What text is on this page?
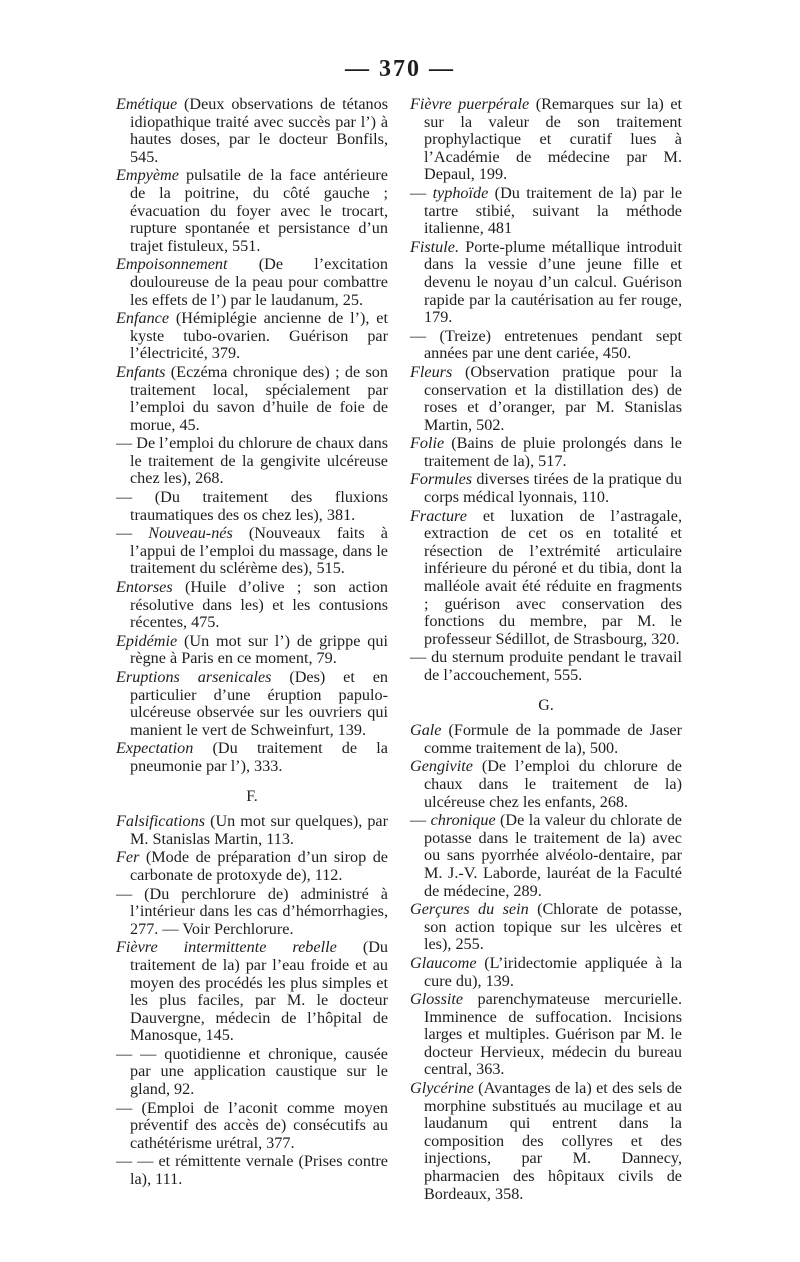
— 370 —

Emétique (Deux observations de tétanos idiopathique traité avec succès par l’) à hautes doses, par le docteur Bonfils, 545.

Empyème pulsatile de la face antérieure de la poitrine, du côté gauche ; évacuation du foyer avec le trocart, rupture spontanée et persistance d’un trajet fistuleux, 551.

Empoisonnement (De l’excitation douloureuse de la peau pour combattre les effets de l’) par le laudanum, 25.

Enfance (Hémiplégie ancienne de l’), et kyste tubo-ovarien. Guérison par l’électricité, 379.

Enfants (Eczéma chronique des) ; de son traitement local, spécialement par l’emploi du savon d’huile de foie de morue, 45.

— De l’emploi du chlorure de chaux dans le traitement de la gengivite ulcéreuse chez les), 268.

— (Du traitement des fluxions traumatiques des os chez les), 381.

— Nouveau-nés (Nouveaux faits à l’appui de l’emploi du massage, dans le traitement du sclérème des), 515.

Entorses (Huile d’olive ; son action résolutive dans les) et les contusions récentes, 475.

Epidémie (Un mot sur l’) de grippe qui règne à Paris en ce moment, 79.

Eruptions arsenicales (Des) et en particulier d’une éruption papulo-ulcéreuse observée sur les ouvriers qui manient le vert de Schweinfurt, 139.

Expectation (Du traitement de la pneumonie par l’), 333.

F.

Falsifications (Un mot sur quelques), par M. Stanislas Martin, 113.

Fer (Mode de préparation d’un sirop de carbonate de protoxyde de), 112.

— (Du perchlorure de) administré à l’intérieur dans les cas d’hémorrhagies, 277. — Voir Perchlorure.

Fièvre intermittente rebelle (Du traitement de la) par l’eau froide et au moyen des procédés les plus simples et les plus faciles, par M. le docteur Dauvergne, médecin de l’hôpital de Manosque, 145.

— — quotidienne et chronique, causée par une application caustique sur le gland, 92.

— (Emploi de l’aconit comme moyen préventif des accès de) consécutifs au cathétérisme urétral, 377.

— — et rémittente vernale (Prises contre la), 111.

Fièvre puerpérale (Remarques sur la) et sur la valeur de son traitement prophylactique et curatif lues à l’Académie de médecine par M. Depaul, 199.

— typhoïde (Du traitement de la) par le tartre stibié, suivant la méthode italienne, 481

Fistule. Porte-plume métallique introduit dans la vessie d’une jeune fille et devenu le noyau d’un calcul. Guérison rapide par la cautérisation au fer rouge, 179.

— (Treize) entretenues pendant sept années par une dent cariée, 450.

Fleurs (Observation pratique pour la conservation et la distillation des) de roses et d’oranger, par M. Stanislas Martin, 502.

Folie (Bains de pluie prolongés dans le traitement de la), 517.

Formules diverses tirées de la pratique du corps médical lyonnais, 110.

Fracture et luxation de l’astragale, extraction de cet os en totalité et résection de l’extrémité articulaire inférieure du péroné et du tibia, dont la malléole avait été réduite en fragments ; guérison avec conservation des fonctions du membre, par M. le professeur Sédillot, de Strasbourg, 320.

— du sternum produite pendant le travail de l’accouchement, 555.

G.

Gale (Formule de la pommade de Jaser comme traitement de la), 500.

Gengivite (De l’emploi du chlorure de chaux dans le traitement de la) ulcéreuse chez les enfants, 268.

— chronique (De la valeur du chlorate de potasse dans le traitement de la) avec ou sans pyorrhée alvéolo-dentaire, par M. J.-V. Laborde, lauréat de la Faculté de médecine, 289.

Gerçures du sein (Chlorate de potasse, son action topique sur les ulcères et les), 255.

Glaucome (L’iridectomie appliquée à la cure du), 139.

Glossite parenchymateuse mercurielle. Imminence de suffocation. Incisions larges et multiples. Guérison par M. le docteur Hervieux, médecin du bureau central, 363.

Glycérine (Avantages de la) et des sels de morphine substitués au mucilage et au laudanum qui entrent dans la composition des collyres et des injections, par M. Dannecy, pharmacien des hôpitaux civils de Bordeaux, 358.
